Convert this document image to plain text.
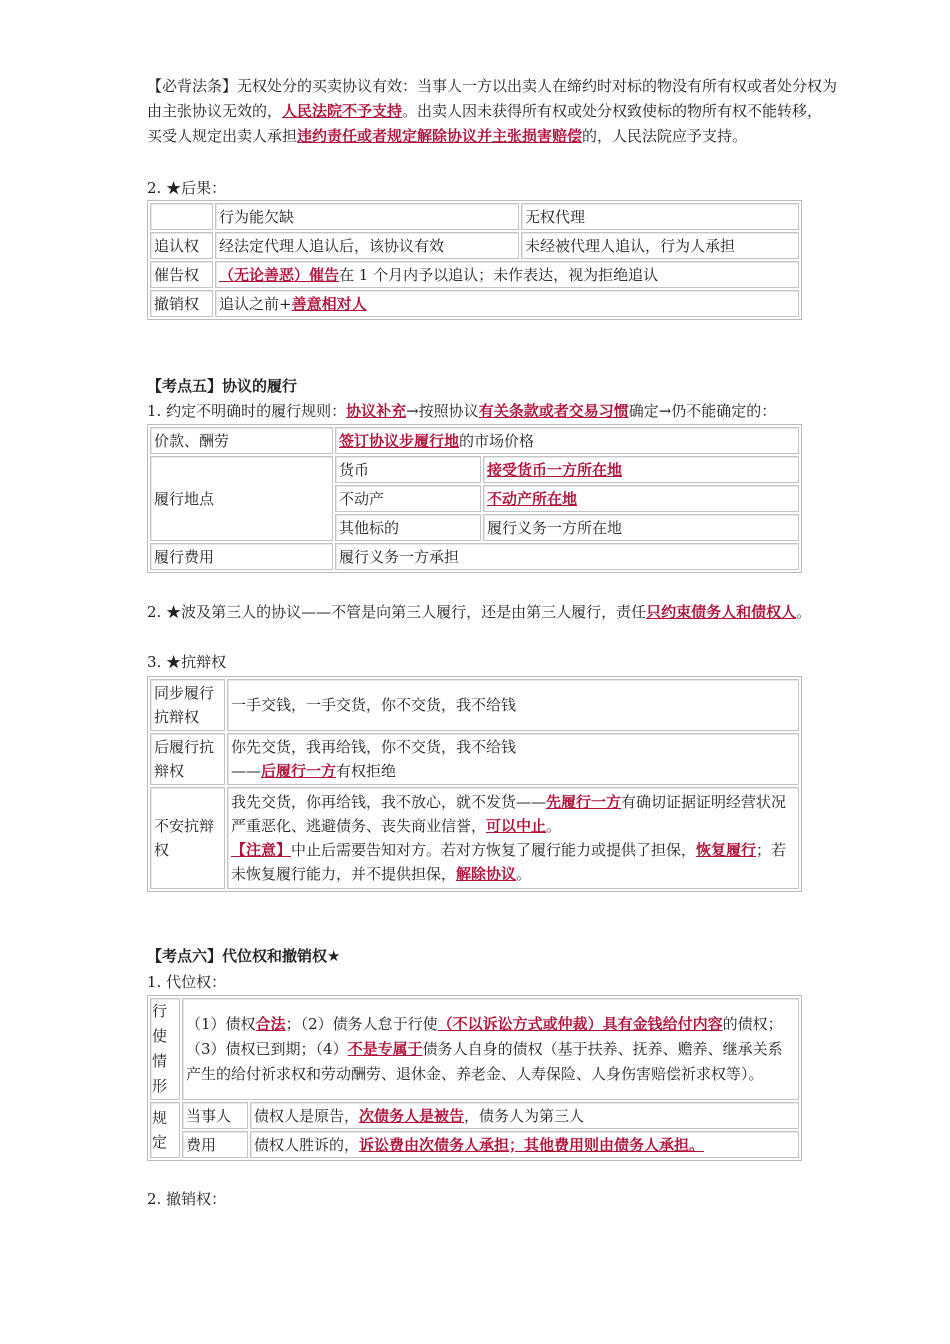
【必背法条】无权处分的买卖协议有效：当事人一方以出卖人在缔约时对标的物没有所有权或者处分权为由主张协议无效的，人民法院不予支持。出卖人因未获得所有权或处分权致使标的物所有权不能转移，买受人规定出卖人承担违约责任或者规定解除协议并主张损害赔偿的，人民法院应予支持。
2. ★后果：
	行为能欠缺	无权代理
追认权	经法定代理人追认后，该协议有效	未经被代理人追认，行为人承担
催告权	（无论善恶）催告在 1 个月内予以追认；未作表达，视为拒绝追认	
撤销权	追认之前+善意相对人	
【考点五】协议的履行
1. 约定不明确时的履行规则：协议补充→按照协议有关条款或者交易习惯确定→仍不能确定的：
价款、酬劳	签订协议步履行地的市场价格	
履行地点	货币	接受货币一方所在地
	不动产	不动产所在地
	其他标的	履行义务一方所在地
履行费用	履行义务一方承担	
2. ★波及第三人的协议——不管是向第三人履行，还是由第三人履行，责任只约束债务人和债权人。
3. ★抗辩权
同步履行抗辩权	一手交钱，一手交货，你不交货，我不给钱
后履行抗辩权	你先交货，我再给钱，你不交货，我不给钱
——后履行一方有权拒绝

不安抗辩权	我先交货，你再给钱，我不放心，就不发货——先履行一方有确切证据证明经营状况严重恶化、逃避债务、丧失商业信誉，可以中止。
【注意】中止后需要告知对方。若对方恢复了履行能力或提供了担保，恢复履行；若未恢复履行能力，并不提供担保，解除协议。
【考点六】代位权和撤销权★
1. 代位权：
行使情形	（1）债权合法；（2）债务人怠于行使（不以诉讼方式或仲裁）具有金钱给付内容的债权；（3）债权已到期；（4）不是专属于债务人自身的债权（基于扶养、抚养、赡养、继承关系产生的给付祈求权和劳动酬劳、退休金、养老金、人寿保险、人身伤害赔偿祈求权等）。	
规定	当事人	债权人是原告，次债务人是被告，债务人为第三人
	费用	债权人胜诉的，诉讼费由次债务人承担；其他费用则由债务人承担。
2. 撤销权：
